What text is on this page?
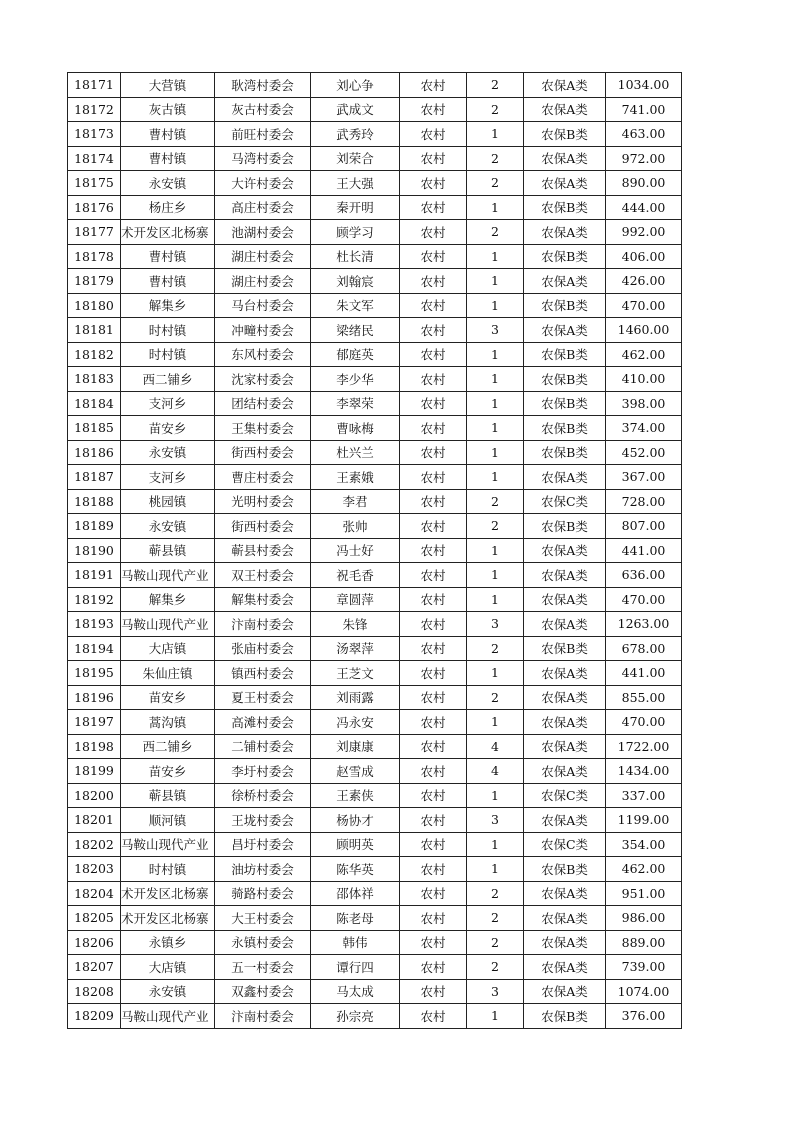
18171	大营镇	耿湾村委会	刘心争	农村	2	农保A类	1034.00
18172	灰古镇	灰古村委会	武成文	农村	2	农保A类	741.00
18173	曹村镇	前旺村委会	武秀玲	农村	1	农保B类	463.00
18174	曹村镇	马湾村委会	刘荣合	农村	2	农保A类	972.00
18175	永安镇	大许村委会	王大强	农村	2	农保A类	890.00
18176	杨庄乡	高庄村委会	秦开明	农村	1	农保B类	444.00
18177	术开发区北杨寨	池湖村委会	顾学习	农村	2	农保A类	992.00
18178	曹村镇	湖庄村委会	杜长清	农村	1	农保B类	406.00
18179	曹村镇	湖庄村委会	刘翰宸	农村	1	农保A类	426.00
18180	解集乡	马台村委会	朱文军	农村	1	农保B类	470.00
18181	时村镇	冲疃村委会	梁绪民	农村	3	农保A类	1460.00
18182	时村镇	东风村委会	郁庭英	农村	1	农保B类	462.00
18183	西二铺乡	沈家村委会	李少华	农村	1	农保B类	410.00
18184	支河乡	团结村委会	李翠荣	农村	1	农保B类	398.00
18185	苗安乡	王集村委会	曹咏梅	农村	1	农保B类	374.00
18186	永安镇	街西村委会	杜兴兰	农村	1	农保B类	452.00
18187	支河乡	曹庄村委会	王素娥	农村	1	农保A类	367.00
18188	桃园镇	光明村委会	李君	农村	2	农保C类	728.00
18189	永安镇	街西村委会	张帅	农村	2	农保B类	807.00
18190	蕲县镇	蕲县村委会	冯士好	农村	1	农保A类	441.00
18191	马鞍山现代产业	双王村委会	祝毛香	农村	1	农保A类	636.00
18192	解集乡	解集村委会	章圆萍	农村	1	农保A类	470.00
18193	马鞍山现代产业	汴南村委会	朱锋	农村	3	农保A类	1263.00
18194	大店镇	张庙村委会	汤翠萍	农村	2	农保B类	678.00
18195	朱仙庄镇	镇西村委会	王芝文	农村	1	农保A类	441.00
18196	苗安乡	夏王村委会	刘雨露	农村	2	农保A类	855.00
18197	蒿沟镇	高滩村委会	冯永安	农村	1	农保A类	470.00
18198	西二铺乡	二铺村委会	刘康康	农村	4	农保A类	1722.00
18199	苗安乡	李圩村委会	赵雪成	农村	4	农保A类	1434.00
18200	蕲县镇	徐桥村委会	王素侠	农村	1	农保C类	337.00
18201	顺河镇	王垅村委会	杨协才	农村	3	农保A类	1199.00
18202	马鞍山现代产业	昌圩村委会	顾明英	农村	1	农保C类	354.00
18203	时村镇	油坊村委会	陈华英	农村	1	农保B类	462.00
18204	术开发区北杨寨	骑路村委会	邵体祥	农村	2	农保A类	951.00
18205	术开发区北杨寨	大王村委会	陈老母	农村	2	农保A类	986.00
18206	永镇乡	永镇村委会	韩伟	农村	2	农保A类	889.00
18207	大店镇	五一村委会	谭行四	农村	2	农保A类	739.00
18208	永安镇	双鑫村委会	马太成	农村	3	农保A类	1074.00
18209	马鞍山现代产业	汴南村委会	孙宗亮	农村	1	农保B类	376.00
